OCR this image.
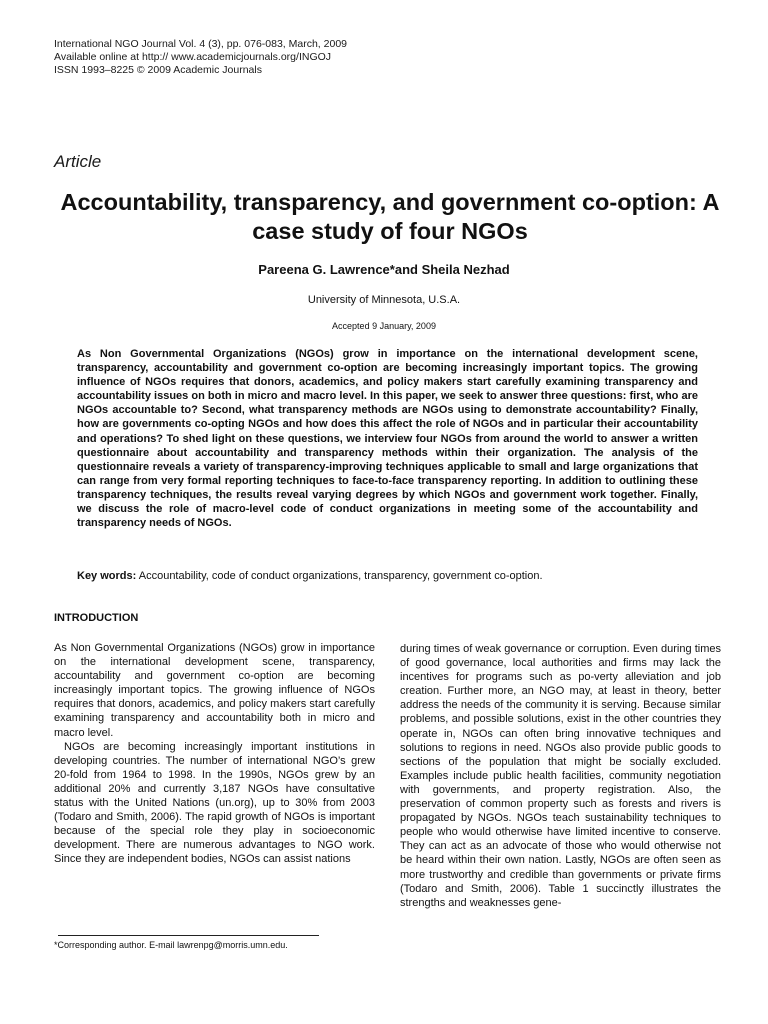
International NGO Journal Vol. 4 (3), pp. 076-083, March, 2009
Available online at http:// www.academicjournals.org/INGOJ
ISSN 1993–8225 © 2009 Academic Journals
Article
Accountability, transparency, and government co-option: A case study of four NGOs
Pareena G. Lawrence*and Sheila Nezhad
University of Minnesota, U.S.A.
Accepted 9 January, 2009

As Non Governmental Organizations (NGOs) grow in importance on the international development scene, transparency, accountability and government co-option are becoming increasingly important topics. The growing influence of NGOs requires that donors, academics, and policy makers start carefully examining transparency and accountability issues on both in micro and macro level. In this paper, we seek to answer three questions: first, who are NGOs accountable to? Second, what transparency methods are NGOs using to demonstrate accountability? Finally, how are governments co-opting NGOs and how does this affect the role of NGOs and in particular their accountability and operations? To shed light on these questions, we interview four NGOs from around the world to answer a written questionnaire about accountability and transparency methods within their organization. The analysis of the questionnaire reveals a variety of transparency-improving techniques applicable to small and large organizations that can range from very formal reporting techniques to face-to-face transparency reporting. In addition to outlining these transparency techniques, the results reveal varying degrees by which NGOs and government work together. Finally, we discuss the role of macro-level code of conduct organizations in meeting some of the accountability and transparency needs of NGOs.

Key words: Accountability, code of conduct organizations, transparency, government co-option.

INTRODUCTION

As Non Governmental Organizations (NGOs) grow in importance on the international development scene, transparency, accountability and government co-option are becoming increasingly important topics. The growing influence of NGOs requires that donors, academics, and policy makers start carefully examining transparency and accountability both in micro and macro level.

NGOs are becoming increasingly important institutions in developing countries. The number of international NGO’s grew 20-fold from 1964 to 1998. In the 1990s, NGOs grew by an additional 20% and currently 3,187 NGOs have consultative status with the United Nations (un.org), up to 30% from 2003 (Todaro and Smith, 2006). The rapid growth of NGOs is important because of the special role they play in socioeconomic development. There are numerous advantages to NGO work. Since they are independent bodies, NGOs can assist nations

during times of weak governance or corruption. Even during times of good governance, local authorities and firms may lack the incentives for programs such as po-verty alleviation and job creation. Further more, an NGO may, at least in theory, better address the needs of the community it is serving. Because similar problems, and possible solutions, exist in the other countries they operate in, NGOs can often bring innovative techniques and solutions to regions in need. NGOs also provide public goods to sections of the population that might be socially excluded. Examples include public health facilities, community negotiation with governments, and property registration. Also, the preservation of common property such as forests and rivers is propagated by NGOs. NGOs teach sustainability techniques to people who would otherwise have limited incentive to conserve. They can act as an advocate of those who would otherwise not be heard within their own nation. Lastly, NGOs are often seen as more trustworthy and credible than governments or private firms (Todaro and Smith, 2006). Table 1 succinctly illustrates the strengths and weaknesses gene-

*Corresponding author. E-mail lawrenpg@morris.umn.edu.
